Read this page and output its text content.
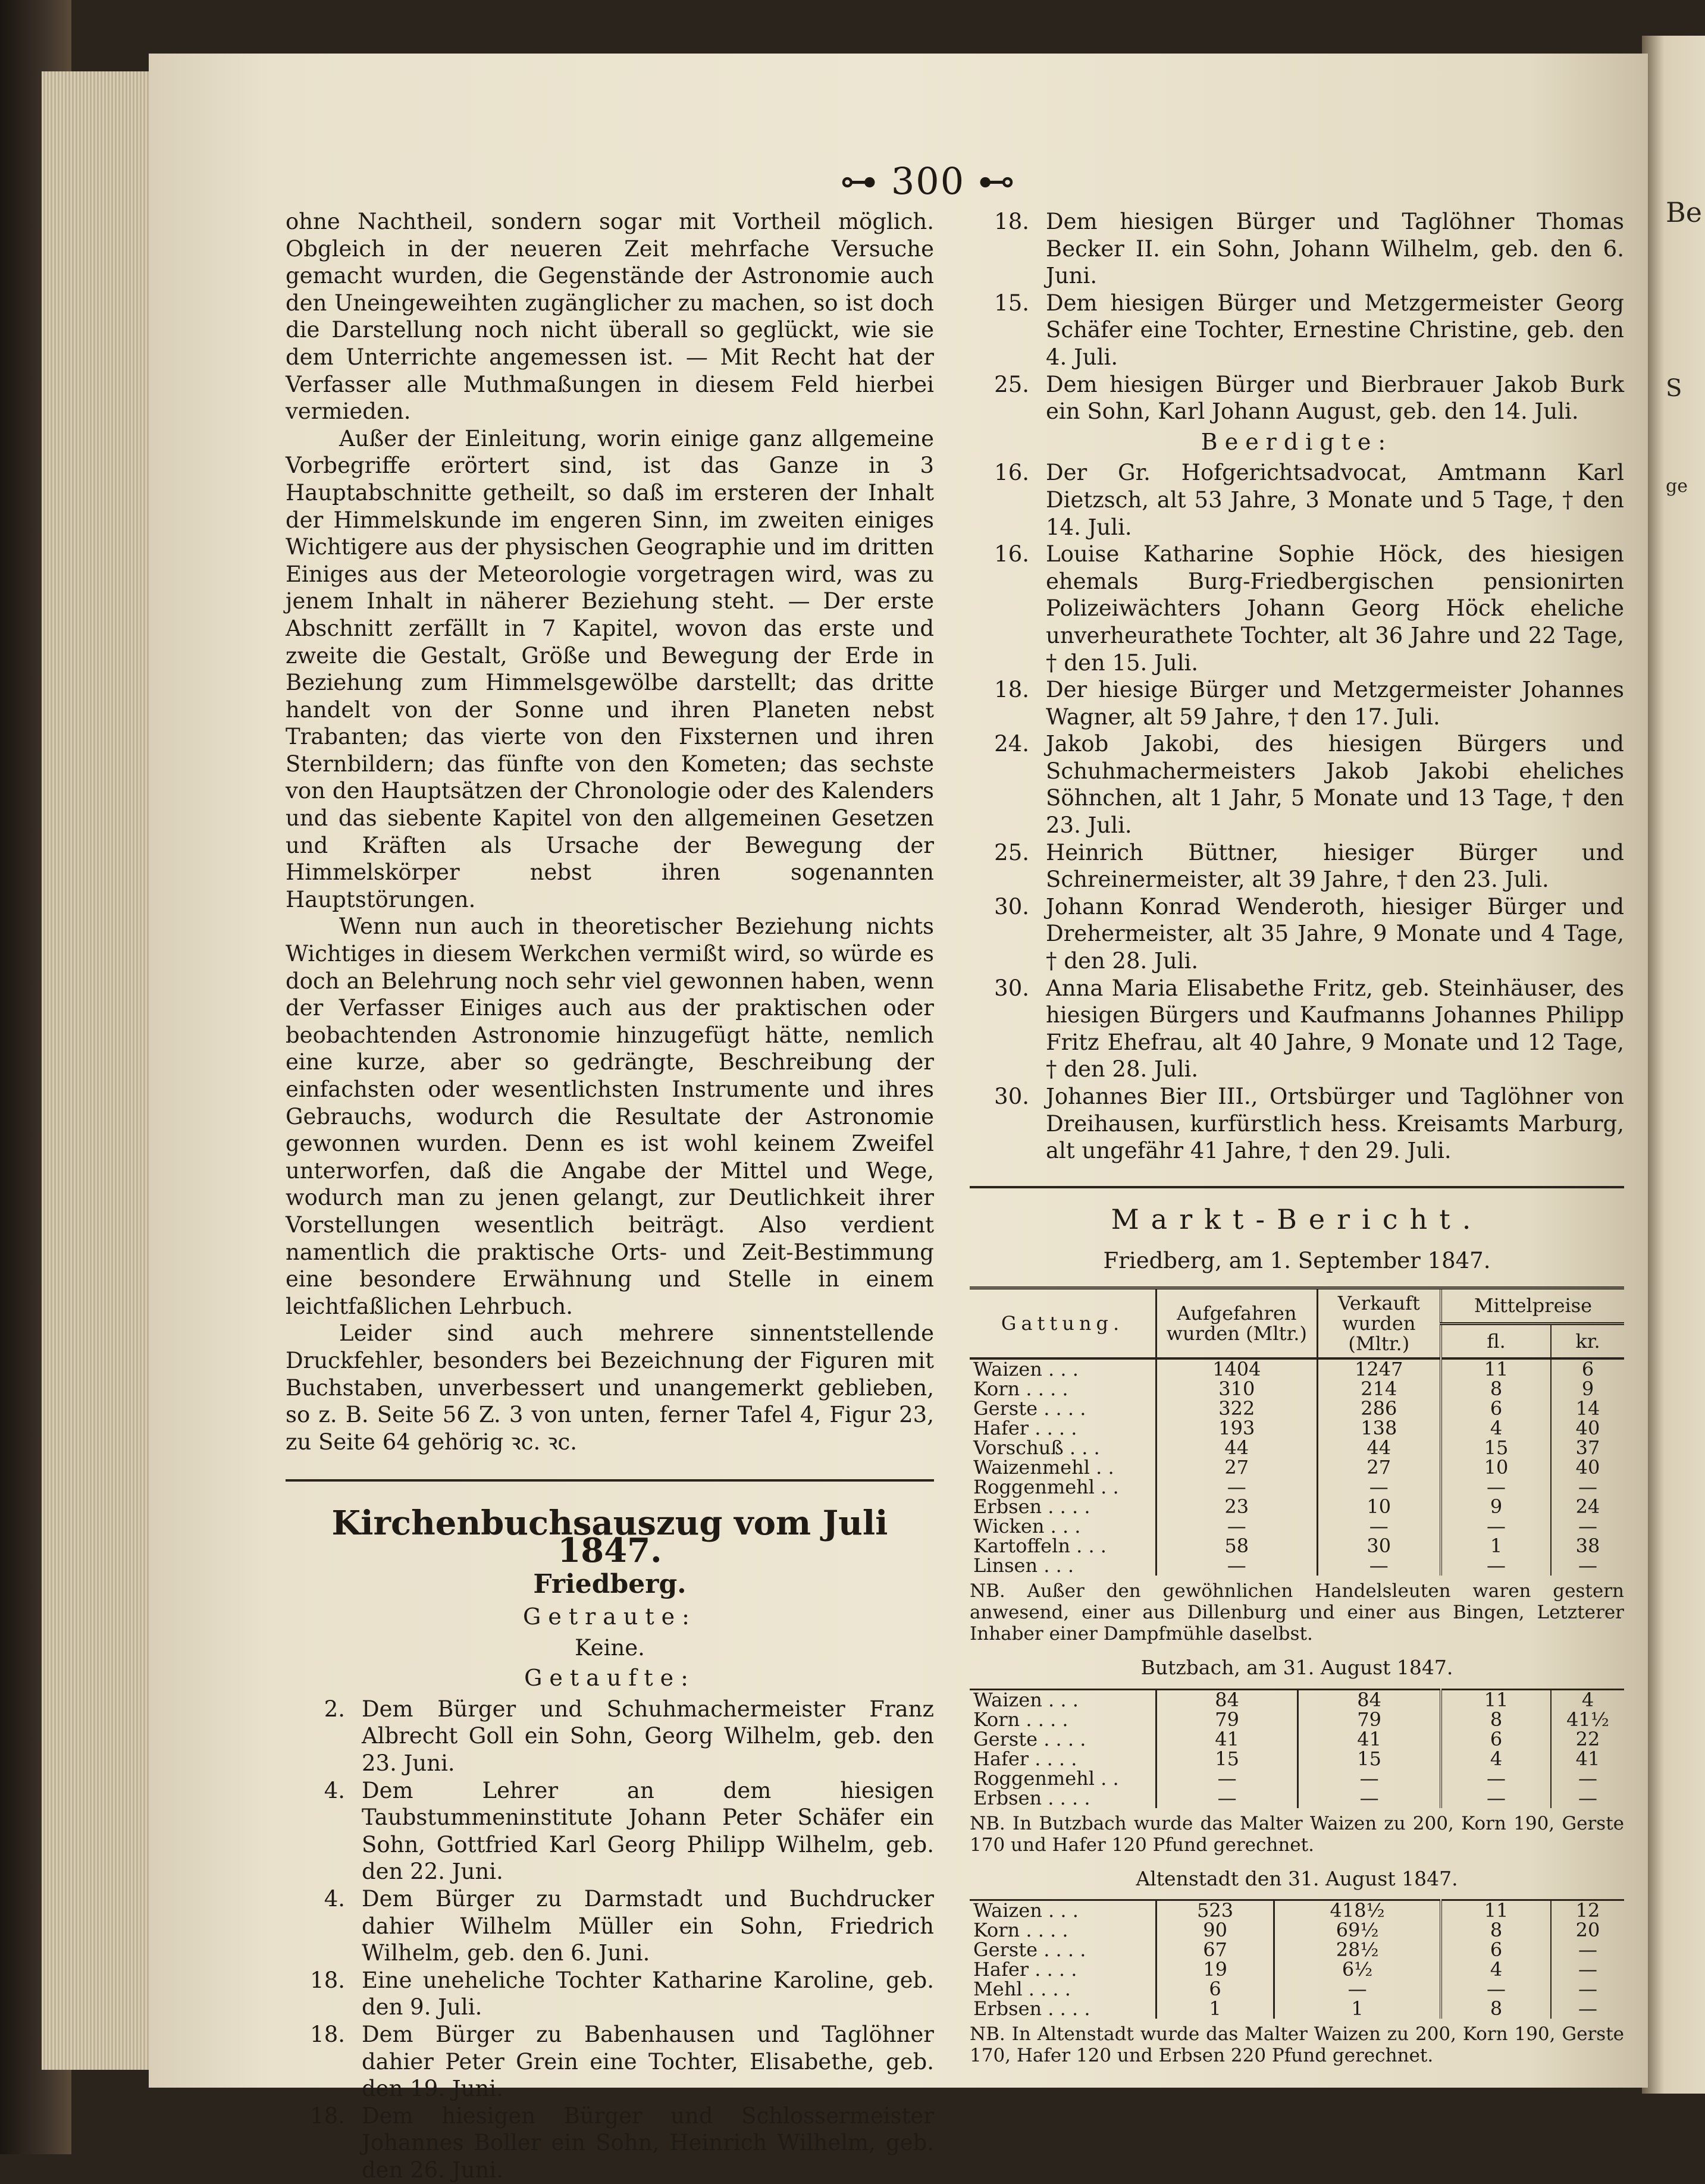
Be
S
ge
⊶ 300 ⊷

ohne Nachtheil, sondern sogar mit Vortheil möglich. Obgleich in der neueren Zeit mehrfache Versuche gemacht wurden, die Gegenstände der Astronomie auch den Uneingeweihten zugänglicher zu machen, so ist doch die Darstellung noch nicht überall so geglückt, wie sie dem Unterrichte angemessen ist. — Mit Recht hat der Verfasser alle Muthmaßungen in diesem Feld hierbei vermieden.

Außer der Einleitung, worin einige ganz allgemeine Vorbegriffe erörtert sind, ist das Ganze in 3 Hauptabschnitte getheilt, so daß im ersteren der Inhalt der Himmelskunde im engeren Sinn, im zweiten einiges Wichtigere aus der physischen Geographie und im dritten Einiges aus der Meteorologie vorgetragen wird, was zu jenem Inhalt in näherer Beziehung steht. — Der erste Abschnitt zerfällt in 7 Kapitel, wovon das erste und zweite die Gestalt, Größe und Bewegung der Erde in Beziehung zum Himmelsgewölbe darstellt; das dritte handelt von der Sonne und ihren Planeten nebst Trabanten; das vierte von den Fixsternen und ihren Sternbildern; das fünfte von den Kometen; das sechste von den Hauptsätzen der Chronologie oder des Kalenders und das siebente Kapitel von den allgemeinen Gesetzen und Kräften als Ursache der Bewegung der Himmelskörper nebst ihren sogenannten Hauptstörungen.

Wenn nun auch in theoretischer Beziehung nichts Wichtiges in diesem Werkchen vermißt wird, so würde es doch an Belehrung noch sehr viel gewonnen haben, wenn der Verfasser Einiges auch aus der praktischen oder beobachtenden Astronomie hinzugefügt hätte, nemlich eine kurze, aber so gedrängte, Beschreibung der einfachsten oder wesentlichsten Instrumente und ihres Gebrauchs, wodurch die Resultate der Astronomie gewonnen wurden. Denn es ist wohl keinem Zweifel unterworfen, daß die Angabe der Mittel und Wege, wodurch man zu jenen gelangt, zur Deutlichkeit ihrer Vorstellungen wesentlich beiträgt. Also verdient namentlich die praktische Orts- und Zeit-Bestimmung eine besondere Erwähnung und Stelle in einem leichtfaßlichen Lehrbuch.

Leider sind auch mehrere sinnentstellende Druckfehler, besonders bei Bezeichnung der Figuren mit Buchstaben, unverbessert und unangemerkt geblieben, so z. B. Seite 56 Z. 3 von unten, ferner Tafel 4, Figur 23, zu Seite 64 gehörig ꝛc. ꝛc.

Kirchenbuchsauszug vom Juli 1847.
Friedberg.
Getraute:
Keine.
Getaufte:
2. Dem Bürger und Schuhmachermeister Franz Albrecht Goll ein Sohn, Georg Wilhelm, geb. den 23. Juni.
4. Dem Lehrer an dem hiesigen Taubstummeninstitute Johann Peter Schäfer ein Sohn, Gottfried Karl Georg Philipp Wilhelm, geb. den 22. Juni.
4. Dem Bürger zu Darmstadt und Buchdrucker dahier Wilhelm Müller ein Sohn, Friedrich Wilhelm, geb. den 6. Juni.
18. Eine uneheliche Tochter Katharine Karoline, geb. den 9. Juli.
18. Dem Bürger zu Babenhausen und Taglöhner dahier Peter Grein eine Tochter, Elisabethe, geb. den 19. Juni.
18. Dem hiesigen Bürger und Schlossermeister Johannes Boller ein Sohn, Heinrich Wilhelm, geb. den 26. Juni.
18. Dem hiesigen Bürger und Taglöhner Thomas Becker II. ein Sohn, Johann Wilhelm, geb. den 6. Juni.
15. Dem hiesigen Bürger und Metzgermeister Georg Schäfer eine Tochter, Ernestine Christine, geb. den 4. Juli.
25. Dem hiesigen Bürger und Bierbrauer Jakob Burk ein Sohn, Karl Johann August, geb. den 14. Juli.
Beerdigte:
16. Der Gr. Hofgerichtsadvocat, Amtmann Karl Dietzsch, alt 53 Jahre, 3 Monate und 5 Tage, † den 14. Juli.
16. Louise Katharine Sophie Höck, des hiesigen ehemals Burg-Friedbergischen pensionirten Polizeiwächters Johann Georg Höck eheliche unverheurathete Tochter, alt 36 Jahre und 22 Tage, † den 15. Juli.
18. Der hiesige Bürger und Metzgermeister Johannes Wagner, alt 59 Jahre, † den 17. Juli.
24. Jakob Jakobi, des hiesigen Bürgers und Schuhmachermeisters Jakob Jakobi eheliches Söhnchen, alt 1 Jahr, 5 Monate und 13 Tage, † den 23. Juli.
25. Heinrich Büttner, hiesiger Bürger und Schreinermeister, alt 39 Jahre, † den 23. Juli.
30. Johann Konrad Wenderoth, hiesiger Bürger und Drehermeister, alt 35 Jahre, 9 Monate und 4 Tage, † den 28. Juli.
30. Anna Maria Elisabethe Fritz, geb. Steinhäuser, des hiesigen Bürgers und Kaufmanns Johannes Philipp Fritz Ehefrau, alt 40 Jahre, 9 Monate und 12 Tage, † den 28. Juli.
30. Johannes Bier III., Ortsbürger und Taglöhner von Dreihausen, kurfürstlich hess. Kreisamts Marburg, alt ungefähr 41 Jahre, † den 29. Juli.
Markt-Bericht.
Friedberg, am 1. September 1847.
Gattung.	Aufgefahren wurden (Mltr.)	Verkauft wurden (Mltr.)	Mittelpreise	
			fl.	kr.
Waizen . . .	1404	1247	11	6
Korn . . . .	310	214	8	9
Gerste . . . .	322	286	6	14
Hafer . . . .	193	138	4	40
Vorschuß . . .	44	44	15	37
Waizenmehl . .	27	27	10	40
Roggenmehl . .	—	—	—	—
Erbsen . . . .	23	10	9	24
Wicken . . .	—	—	—	—
Kartoffeln . . .	58	30	1	38
Linsen . . .	—	—	—	—
NB. Außer den gewöhnlichen Handelsleuten waren gestern anwesend, einer aus Dillenburg und einer aus Bingen, Letzterer Inhaber einer Dampfmühle daselbst.
Butzbach, am 31. August 1847.
Waizen . . .	84	84	11	4
Korn . . . .	79	79	8	41½
Gerste . . . .	41	41	6	22
Hafer . . . .	15	15	4	41
Roggenmehl . .	—	—	—	—
Erbsen . . . .	—	—	—	—
NB. In Butzbach wurde das Malter Waizen zu 200, Korn 190, Gerste 170 und Hafer 120 Pfund gerechnet.
Altenstadt den 31. August 1847.
Waizen . . .	523	418½	11	12
Korn . . . .	90	69½	8	20
Gerste . . . .	67	28½	6	—
Hafer . . . .	19	6½	4	—
Mehl . . . .	6	—	—	—
Erbsen . . . .	1	1	8	—
NB. In Altenstadt wurde das Malter Waizen zu 200, Korn 190, Gerste 170, Hafer 120 und Erbsen 220 Pfund gerechnet.
